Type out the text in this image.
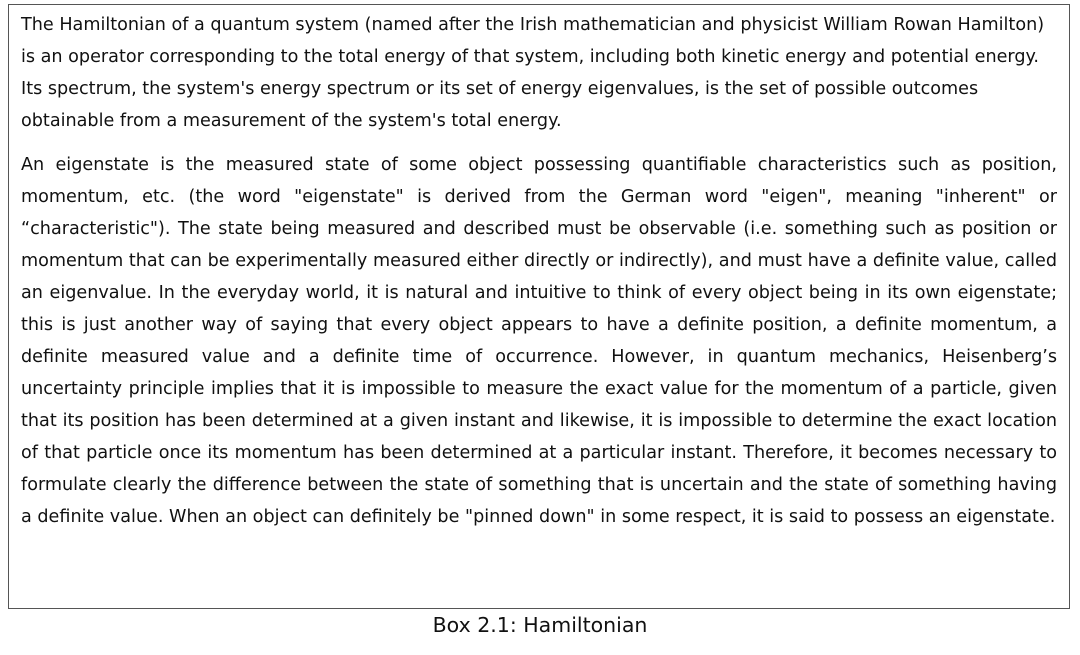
The Hamiltonian of a quantum system (named after the Irish mathematician and physicist William Rowan Hamilton) is an operator corresponding to the total energy of that system, including both kinetic energy and potential energy. Its spectrum, the system's energy spectrum or its set of energy eigenvalues, is the set of possible outcomes obtainable from a measurement of the system's total energy.

An eigenstate is the measured state of some object possessing quantifiable characteristics such as position, momentum, etc. (the word "eigenstate" is derived from the German word "eigen", meaning "inherent" or “characteristic"). The state being measured and described must be observable (i.e. something such as position or momentum that can be experimentally measured either directly or indirectly), and must have a definite value, called an eigenvalue. In the everyday world, it is natural and intuitive to think of every object being in its own eigenstate; this is just another way of saying that every object appears to have a definite position, a definite momentum, a definite measured value and a definite time of occurrence. However, in quantum mechanics, Heisenberg’s uncertainty principle implies that it is impossible to measure the exact value for the momentum of a particle, given that its position has been determined at a given instant and likewise, it is impossible to determine the exact location of that particle once its momentum has been determined at a particular instant. Therefore, it becomes necessary to formulate clearly the difference between the state of something that is uncertain and the state of something having a definite value. When an object can definitely be "pinned down" in some respect, it is said to possess an eigenstate.

Box 2.1: Hamiltonian
